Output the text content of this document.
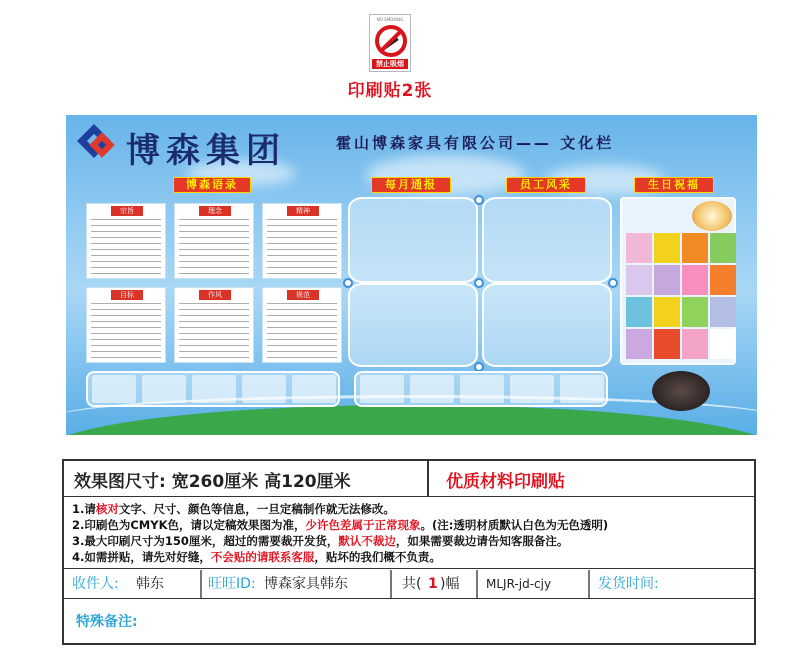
NO SMOKING
禁止吸烟
印刷贴2张
博森集团	霍山博森家具有限公司—— 文化栏
博森语录	每月通报	员工风采	生日祝福
宗旨	理念	精神
目标	作风	规范
效果图尺寸: 宽260厘米 高120厘米	优质材料印刷贴
1.请核对文字、尺寸、颜色等信息，一旦定稿制作就无法修改。
2.印刷色为CMYK色，请以定稿效果图为准，少许色差属于正常现象。(注:透明材质默认白色为无色透明)
3.最大印刷尺寸为150厘米，超过的需要裁开发货，默认不裁边，如果需要裁边请告知客服备注。
4.如需拼贴，请先对好缝，不会贴的请联系客服，贴坏的我们概不负责。
收件人: 韩东	旺旺ID: 博森家具韩东	共( 1 )幅 MLJR-jd-cjy	发货时间:
特殊备注:
